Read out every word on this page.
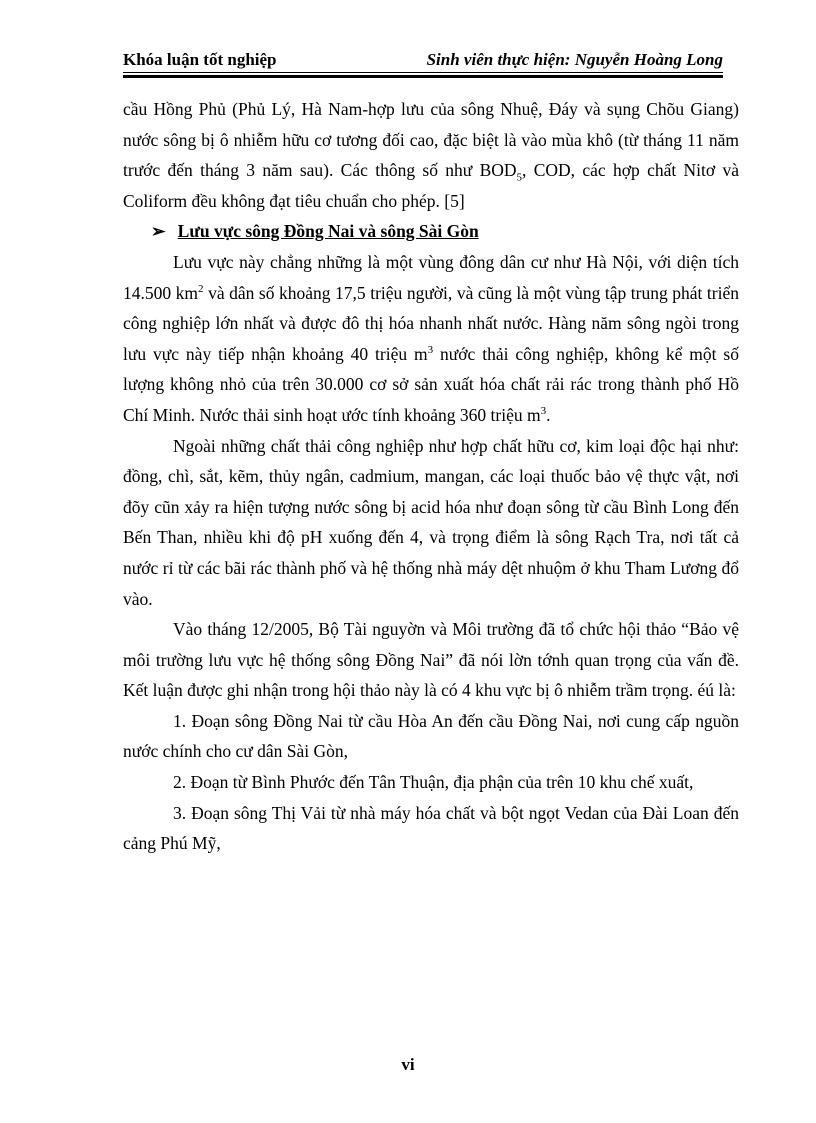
Khóa luận tốt nghiệp	Sinh viên thực hiện: Nguyễn Hoàng Long

cầu Hồng Phủ (Phủ Lý, Hà Nam-hợp lưu của sông Nhuệ, Đáy và sụng Chõu Giang) nước sông bị ô nhiễm hữu cơ tương đối cao, đặc biệt là vào mùa khô (từ tháng 11 năm trước đến tháng 3 năm sau). Các thông số như $BOD_5$, COD, các hợp chất Nitơ và Coliform đều không đạt tiêu chuẩn cho phép. [5]

➢ Lưu vực sông Đồng Nai và sông Sài Gòn

Lưu vực này chẳng những là một vùng đông dân cư như Hà Nội, với diện tích 14.500 $km^2$ và dân số khoảng 17,5 triệu người, và cũng là một vùng tập trung phát triển công nghiệp lớn nhất và được đô thị hóa nhanh nhất nước. Hàng năm sông ngòi trong lưu vực này tiếp nhận khoảng 40 triệu $m^3$ nước thải công nghiệp, không kể một số lượng không nhỏ của trên 30.000 cơ sở sản xuất hóa chất rải rác trong thành phố Hồ Chí Minh. Nước thải sinh hoạt ước tính khoảng 360 triệu $m^3$.

Ngoài những chất thải công nghiệp như hợp chất hữu cơ, kim loại độc hại như: đồng, chì, sắt, kẽm, thủy ngân, cadmium, mangan, các loại thuốc bảo vệ thực vật, nơi đõy cũn xảy ra hiện tượng nước sông bị acid hóa như đoạn sông từ cầu Bình Long đến Bến Than, nhiều khi độ pH xuống đến 4, và trọng điểm là sông Rạch Tra, nơi tất cả nước rỉ từ các bãi rác thành phố và hệ thống nhà máy dệt nhuộm ở khu Tham Lương đổ vào.

Vào tháng 12/2005, Bộ Tài nguyờn và Môi trường đã tổ chức hội thảo “Bảo vệ môi trường lưu vực hệ thống sông Đồng Nai” đã nói lờn tớnh quan trọng của vấn đề. Kết luận được ghi nhận trong hội thảo này là có 4 khu vực bị ô nhiễm trầm trọng. éú là:

1. Đoạn sông Đồng Nai từ cầu Hòa An đến cầu Đồng Nai, nơi cung cấp nguồn nước chính cho cư dân Sài Gòn,

2. Đoạn từ Bình Phước đến Tân Thuận, địa phận của trên 10 khu chế xuất,

3. Đoạn sông Thị Vải từ nhà máy hóa chất và bột ngọt Vedan của Đài Loan đến cảng Phú Mỹ,

vi
